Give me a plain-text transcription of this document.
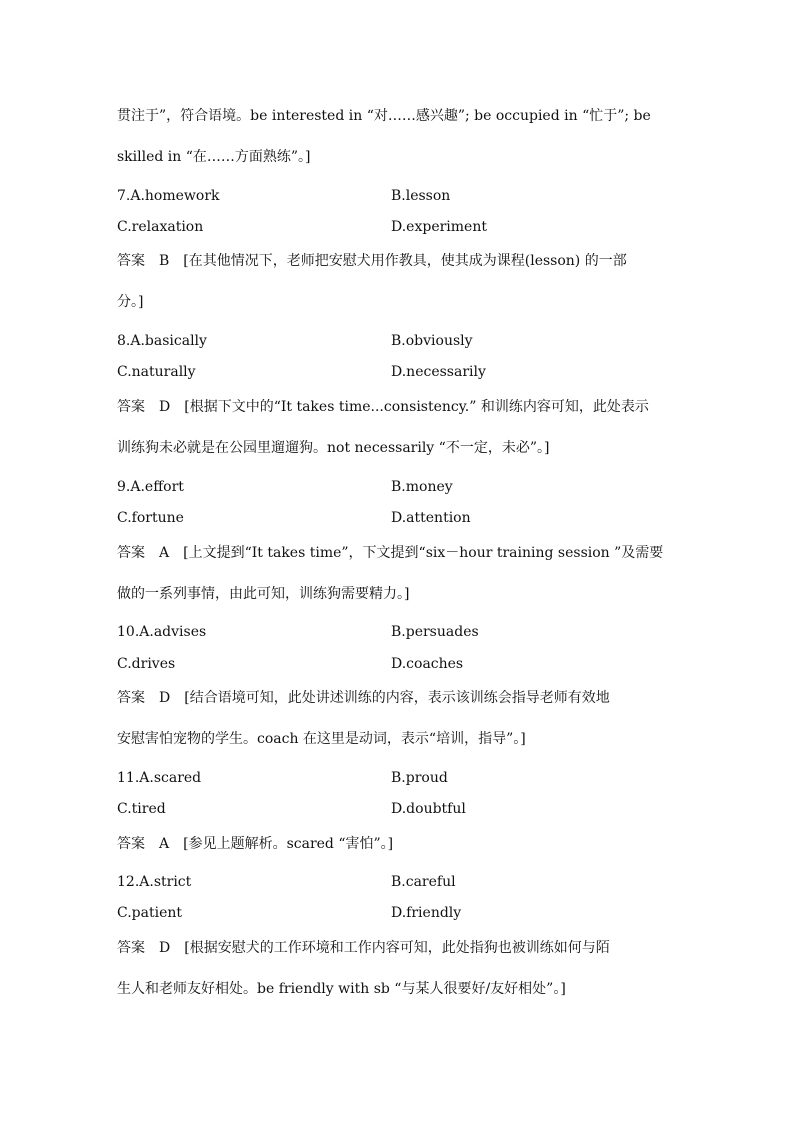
贯注于”，符合语境。be interested in “对……感兴趣”; be occupied in “忙于”; be
skilled in “在……方面熟练”。]
7.A.homework	B.lesson
C.relaxation	D.experiment
答案 B [在其他情况下，老师把安慰犬用作教具，使其成为课程(lesson) 的一部
分。]
8.A.basically	B.obviously
C.naturally	D.necessarily
答案 D [根据下文中的“It takes time...consistency.” 和训练内容可知，此处表示
训练狗未必就是在公园里遛遛狗。not necessarily “不一定，未必”。]
9.A.effort	B.money
C.fortune	D.attention
答案 A [上文提到“It takes time”，下文提到“six－hour training session ”及需要
做的一系列事情，由此可知，训练狗需要精力。]
10.A.advises	B.persuades
C.drives	D.coaches
答案 D [结合语境可知，此处讲述训练的内容，表示该训练会指导老师有效地
安慰害怕宠物的学生。coach 在这里是动词，表示“培训，指导”。]
11.A.scared	B.proud
C.tired	D.doubtful
答案 A [参见上题解析。scared “害怕”。]
12.A.strict	B.careful
C.patient	D.friendly
答案 D [根据安慰犬的工作环境和工作内容可知，此处指狗也被训练如何与陌
生人和老师友好相处。be friendly with sb “与某人很要好/友好相处”。]
